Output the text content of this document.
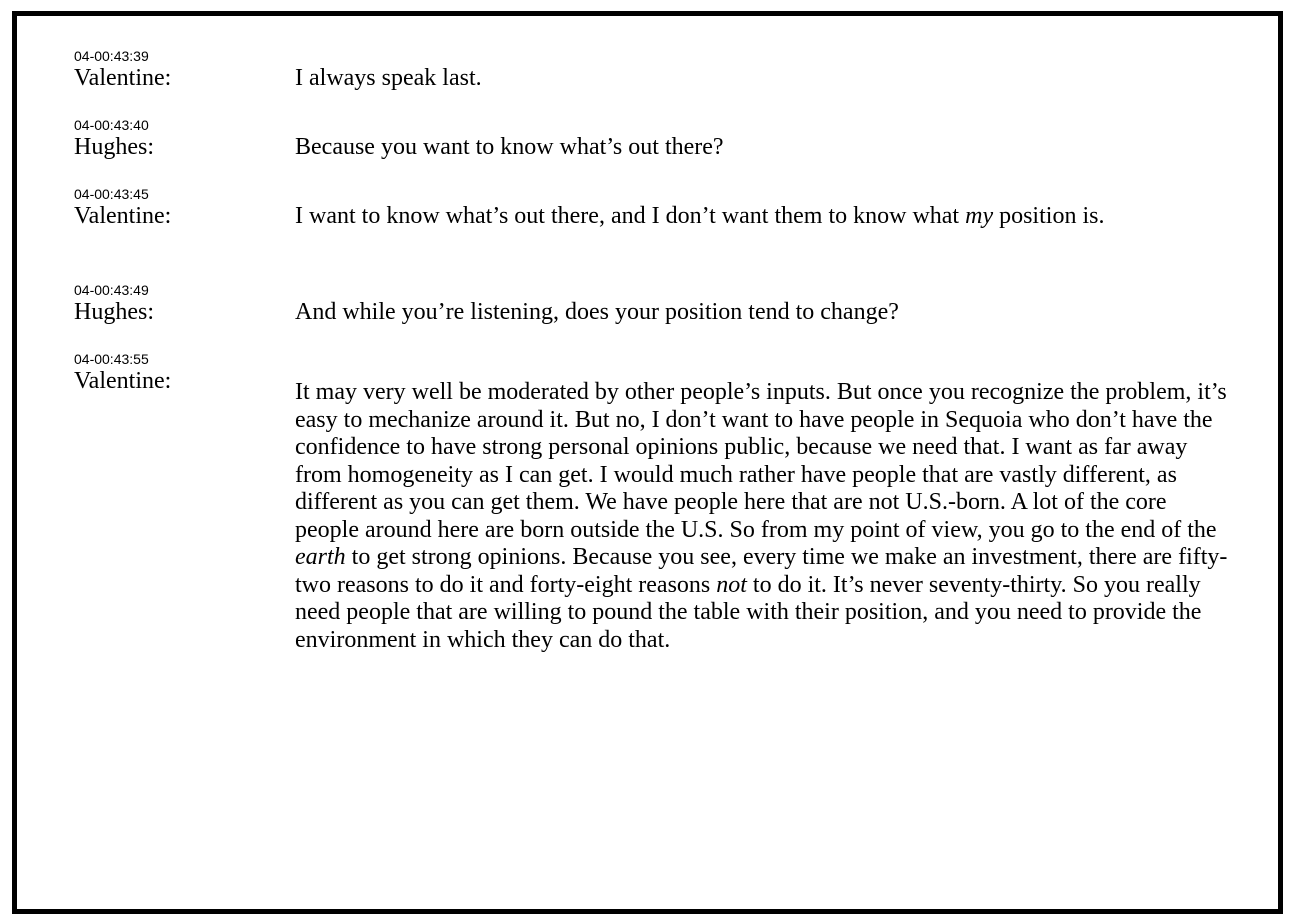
04-00:43:39
Valentine:	I always speak last.

04-00:43:40
Hughes:	Because you want to know what’s out there?

04-00:43:45
Valentine:	I want to know what’s out there, and I don’t want them to know what my position is.

04-00:43:49
Hughes:	And while you’re listening, does your position tend to change?

04-00:43:55
Valentine:	It may very well be moderated by other people’s inputs. But once you recognize the problem, it’s easy to mechanize around it. But no, I don’t want to have people in Sequoia who don’t have the confidence to have strong personal opinions public, because we need that. I want as far away from homogeneity as I can get. I would much rather have people that are vastly different, as different as you can get them. We have people here that are not U.S.-born. A lot of the core people around here are born outside the U.S. So from my point of view, you go to the end of the earth to get strong opinions. Because you see, every time we make an investment, there are fifty-two reasons to do it and forty-eight reasons not to do it. It’s never seventy-thirty. So you really need people that are willing to pound the table with their position, and you need to provide the environment in which they can do that.
